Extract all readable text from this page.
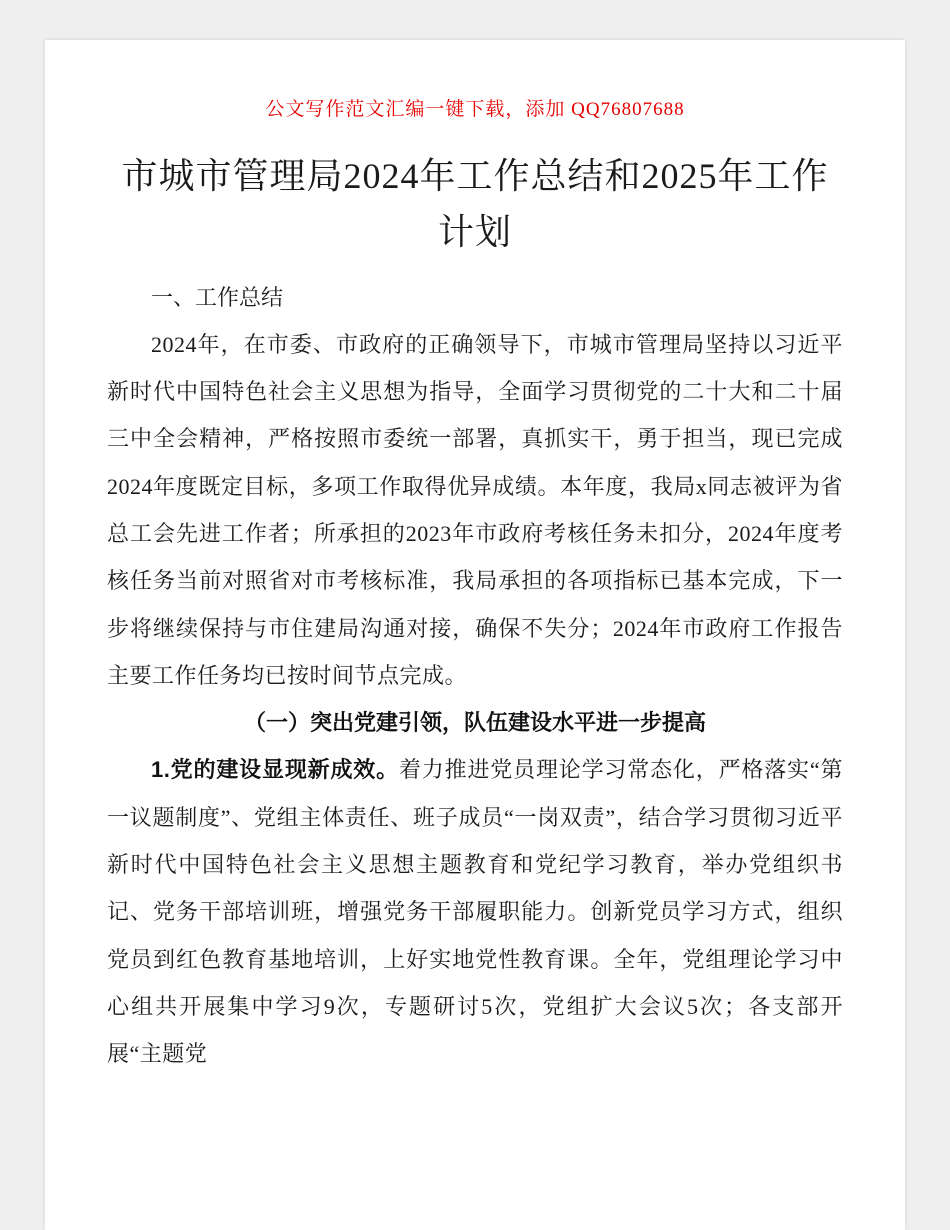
公文写作范文汇编一键下载，添加 QQ76807688
市城市管理局2024年工作总结和2025年工作计划

一、工作总结

2024年，在市委、市政府的正确领导下，市城市管理局坚持以习近平新时代中国特色社会主义思想为指导，全面学习贯彻党的二十大和二十届三中全会精神，严格按照市委统一部署，真抓实干，勇于担当，现已完成2024年度既定目标，多项工作取得优异成绩。本年度，我局x同志被评为省总工会先进工作者；所承担的2023年市政府考核任务未扣分，2024年度考核任务当前对照省对市考核标准，我局承担的各项指标已基本完成，下一步将继续保持与市住建局沟通对接，确保不失分；2024年市政府工作报告主要工作任务均已按时间节点完成。

（一）突出党建引领，队伍建设水平进一步提高

1.党的建设显现新成效。着力推进党员理论学习常态化，严格落实“第一议题制度”、党组主体责任、班子成员“一岗双责”，结合学习贯彻习近平新时代中国特色社会主义思想主题教育和党纪学习教育，举办党组织书记、党务干部培训班，增强党务干部履职能力。创新党员学习方式，组织党员到红色教育基地培训，上好实地党性教育课。全年，党组理论学习中心组共开展集中学习9次，专题研讨5次，党组扩大会议5次；各支部开展“主题党
